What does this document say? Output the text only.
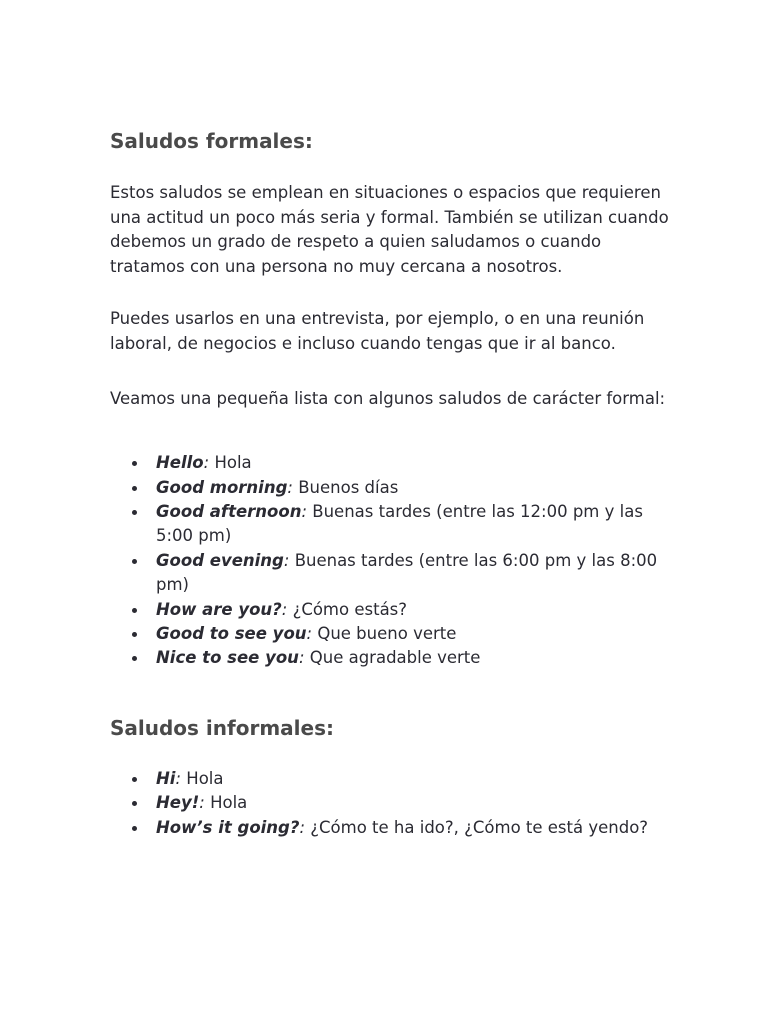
Saludos formales:

Estos saludos se emplean en situaciones o espacios que requieren una actitud un poco más seria y formal. También se utilizan cuando debemos un grado de respeto a quien saludamos o cuando tratamos con una persona no muy cercana a nosotros.

Puedes usarlos en una entrevista, por ejemplo, o en una reunión laboral, de negocios e incluso cuando tengas que ir al banco.

Veamos una pequeña lista con algunos saludos de carácter formal:

Hello: Hola
Good morning: Buenos días
Good afternoon: Buenas tardes (entre las 12:00 pm y las 5:00 pm)
Good evening: Buenas tardes (entre las 6:00 pm y las 8:00 pm)
How are you?: ¿Cómo estás?
Good to see you: Que bueno verte
Nice to see you: Que agradable verte
Saludos informales:
Hi: Hola
Hey!: Hola
How’s it going?: ¿Cómo te ha ido?, ¿Cómo te está yendo?
